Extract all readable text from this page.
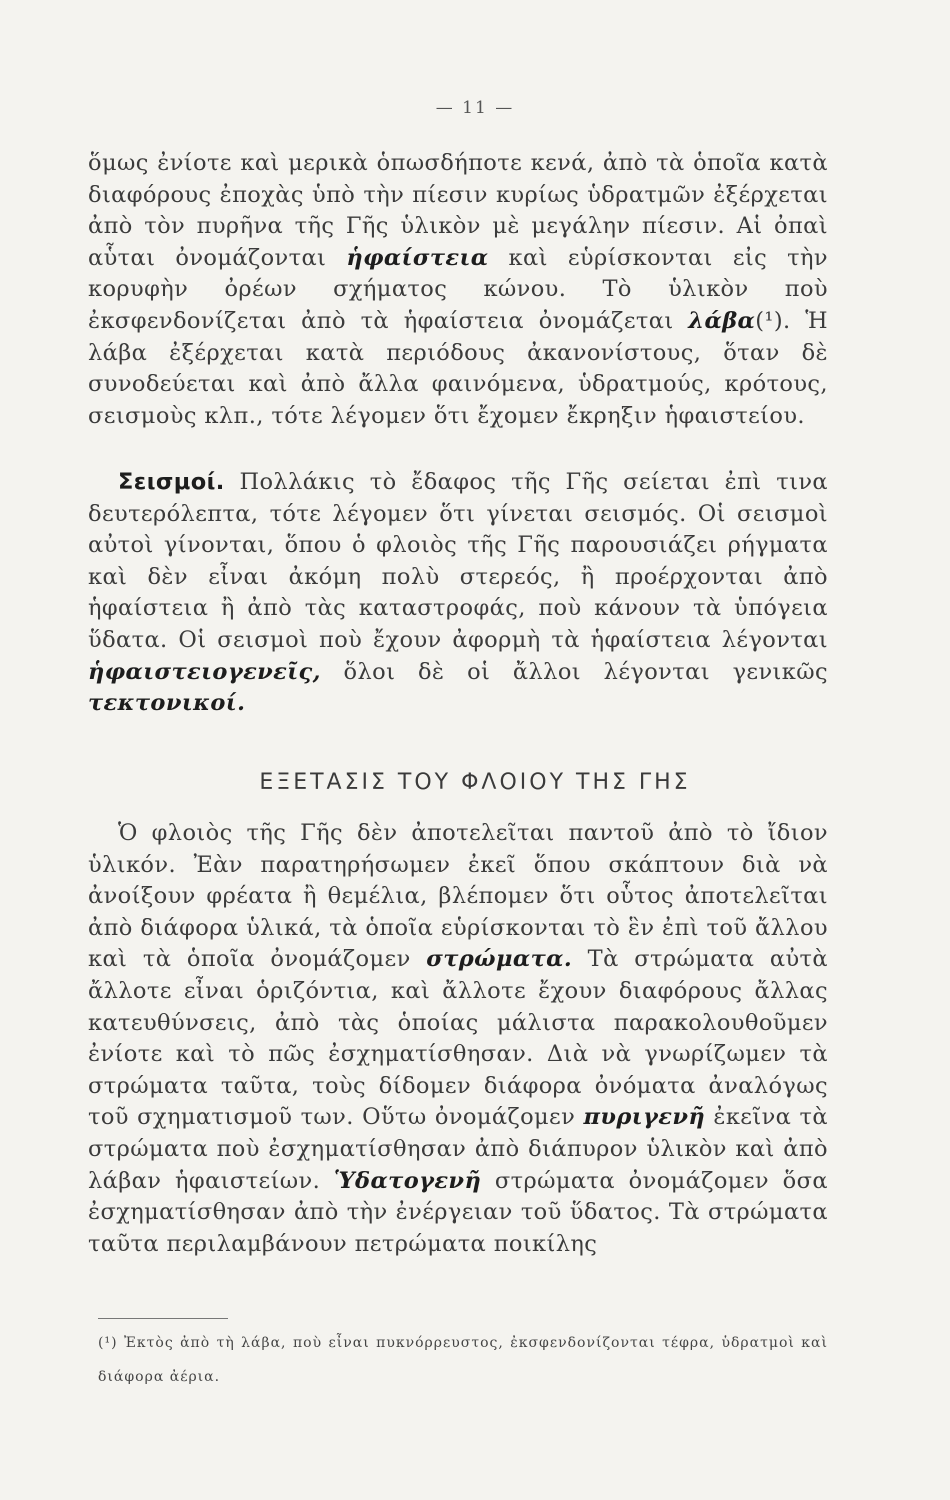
— 11 —
ὅμως ἐνίοτε καὶ μερικὰ ὁπωσδήποτε κενά, ἀπὸ τὰ ὁποῖα κατὰ διαφόρους ἐποχὰς ὑπὸ τὴν πίεσιν κυρίως ὑδρατμῶν ἐξέρχεται ἀπὸ τὸν πυρῆνα τῆς Γῆς ὑλικὸν μὲ μεγάλην πίεσιν. Αἱ ὀπαὶ αὗται ὀνομάζονται ἡφαίστεια καὶ εὑρίσκονται εἰς τὴν κορυφὴν ὀρέων σχήματος κώνου. Τὸ ὑλικὸν ποὺ ἐκσφενδονίζεται ἀπὸ τὰ ἡφαίστεια ὀνομάζεται λάβα(¹). Ἡ λάβα ἐξέρχεται κατὰ περιόδους ἀκανονίστους, ὅταν δὲ συνοδεύεται καὶ ἀπὸ ἄλλα φαινόμενα, ὑδρατμούς, κρότους, σεισμοὺς κλπ., τότε λέγομεν ὅτι ἔχομεν ἔκρηξιν ἡφαιστείου.
Σεισμοί. Πολλάκις τὸ ἔδαφος τῆς Γῆς σείεται ἐπὶ τινα δευτερόλεπτα, τότε λέγομεν ὅτι γίνεται σεισμός. Οἱ σεισμοὶ αὐτοὶ γίνονται, ὅπου ὁ φλοιὸς τῆς Γῆς παρουσιάζει ρήγματα καὶ δὲν εἶναι ἀκόμη πολὺ στερεός, ἢ προέρχονται ἀπὸ ἡφαίστεια ἢ ἀπὸ τὰς καταστροφάς, ποὺ κάνουν τὰ ὑπόγεια ὕδατα. Οἱ σεισμοὶ ποὺ ἔχουν ἀφορμὴ τὰ ἡφαίστεια λέγονται ἡφαιστειογενεῖς, ὅλοι δὲ οἱ ἄλλοι λέγονται γενικῶς τεκτονικοί.
ΕΞΕΤΑΣΙΣ ΤΟΥ ΦΛΟΙΟΥ ΤΗΣ ΓΗΣ
Ὁ φλοιὸς τῆς Γῆς δὲν ἀποτελεῖται παντοῦ ἀπὸ τὸ ἴδιον ὑλικόν. Ἐὰν παρατηρήσωμεν ἐκεῖ ὅπου σκάπτουν διὰ νὰ ἀνοίξουν φρέατα ἢ θεμέλια, βλέπομεν ὅτι οὗτος ἀποτελεῖται ἀπὸ διάφορα ὑλικά, τὰ ὁποῖα εὑρίσκονται τὸ ἓν ἐπὶ τοῦ ἄλλου καὶ τὰ ὁποῖα ὀνομάζομεν στρώματα. Τὰ στρώματα αὐτὰ ἄλλοτε εἶναι ὁριζόντια, καὶ ἄλλοτε ἔχουν διαφόρους ἄλλας κατευθύνσεις, ἀπὸ τὰς ὁποίας μάλιστα παρακολουθοῦμεν ἐνίοτε καὶ τὸ πῶς ἐσχηματίσθησαν. Διὰ νὰ γνωρίζωμεν τὰ στρώματα ταῦτα, τοὺς δίδομεν διάφορα ὀνόματα ἀναλόγως τοῦ σχηματισμοῦ των. Οὕτω ὀνομάζομεν πυριγενῆ ἐκεῖνα τὰ στρώματα ποὺ ἐσχηματίσθησαν ἀπὸ διάπυρον ὑλικὸν καὶ ἀπὸ λάβαν ἡφαιστείων. Ὑδατογενῆ στρώματα ὀνομάζομεν ὅσα ἐσχηματίσθησαν ἀπὸ τὴν ἐνέργειαν τοῦ ὕδατος. Τὰ στρώματα ταῦτα περιλαμβάνουν πετρώματα ποικίλης
(¹) Ἐκτὸς ἀπὸ τὴ λάβα, ποὺ εἶναι πυκνόρρευστος, ἐκσφενδονίζονται τέφρα, ὑδρατμοὶ καὶ διάφορα ἀέρια.
